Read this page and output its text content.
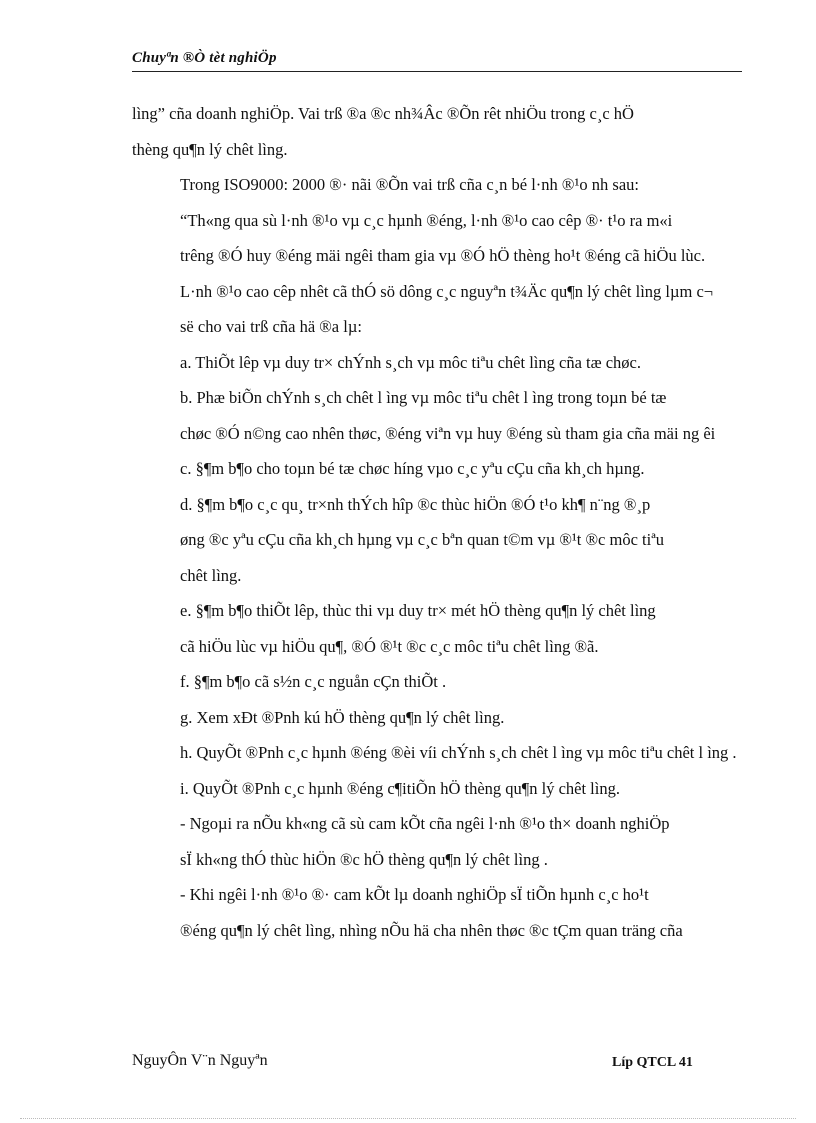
Chuyªn ®Ò tèt nghiÖp
lìng” cña doanh nghiÖp. Vai trß ®a ®c nh¾Âc ®Õn rêt nhiÖu trong c¸c hÖ
thèng qu¶n lý chêt lìng.
Trong ISO9000: 2000 ®· nãi ®Õn vai trß cña c¸n bé l·nh ®¹o nh sau:
“Th«ng qua sù l·nh ®¹o vµ c¸c hµnh ®éng, l·nh ®¹o cao cêp ®· t¹o ra m«i
trêng ®Ó huy ®éng mäi ngêi tham gia vµ ®Ó hÖ thèng ho¹t ®éng cã hiÖu lùc.
L·nh ®¹o cao cêp nhêt cã thÓ sö dông c¸c nguyªn t¾Äc qu¶n lý chêt lìng lµm c¬
së cho vai trß cña hä ®a lµ:
a. ThiÕt lêp vµ duy tr× chÝnh s¸ch vµ môc tiªu chêt lìng cña tæ chøc.
b. Phæ biÕn chÝnh s¸ch chêt l ìng vµ môc tiªu chêt l ìng trong toµn bé tæ
chøc ®Ó n©ng cao nhên thøc, ®éng viªn vµ huy ®éng sù tham gia cña mäi ng êi
c. §¶m b¶o cho toµn bé tæ chøc híng vµo c¸c yªu cÇu cña kh¸ch hµng.
d. §¶m b¶o c¸c qu¸ tr×nh thÝch hîp ®c thùc hiÖn ®Ó t¹o kh¶ n¨ng ®¸p
øng ®c yªu cÇu cña kh¸ch hµng vµ c¸c bªn quan t©m vµ ®¹t ®c môc tiªu
chêt lìng.
e. §¶m b¶o thiÕt lêp, thùc thi vµ duy tr× mét hÖ thèng qu¶n lý chêt lìng
cã hiÖu lùc vµ hiÖu qu¶, ®Ó ®¹t ®c c¸c môc tiªu chêt lìng ®ã.
f. §¶m b¶o cã s½n c¸c nguån cÇn thiÕt .
g. Xem xÐt ®Pnh kú hÖ thèng qu¶n lý chêt lìng.
h. QuyÕt ®Pnh c¸c hµnh ®éng ®èi víi chÝnh s¸ch chêt l ìng vµ môc tiªu chêt l ìng .
i. QuyÕt ®Pnh c¸c hµnh ®éng c¶itiÕn hÖ thèng qu¶n lý chêt lìng.
- Ngoµi ra nÕu kh«ng cã sù cam kÕt cña ngêi l·nh ®¹o th× doanh nghiÖp
sÏ kh«ng thÓ thùc hiÖn ®c hÖ thèng qu¶n lý chêt lìng .
- Khi ngêi l·nh ®¹o ®· cam kÕt lµ doanh nghiÖp sÏ tiÕn hµnh c¸c ho¹t
®éng qu¶n lý chêt lìng, nhìng nÕu hä cha nhên thøc ®c tÇm quan träng cña
NguyÔn V¨n Nguyªn	Líp QTCL 41
